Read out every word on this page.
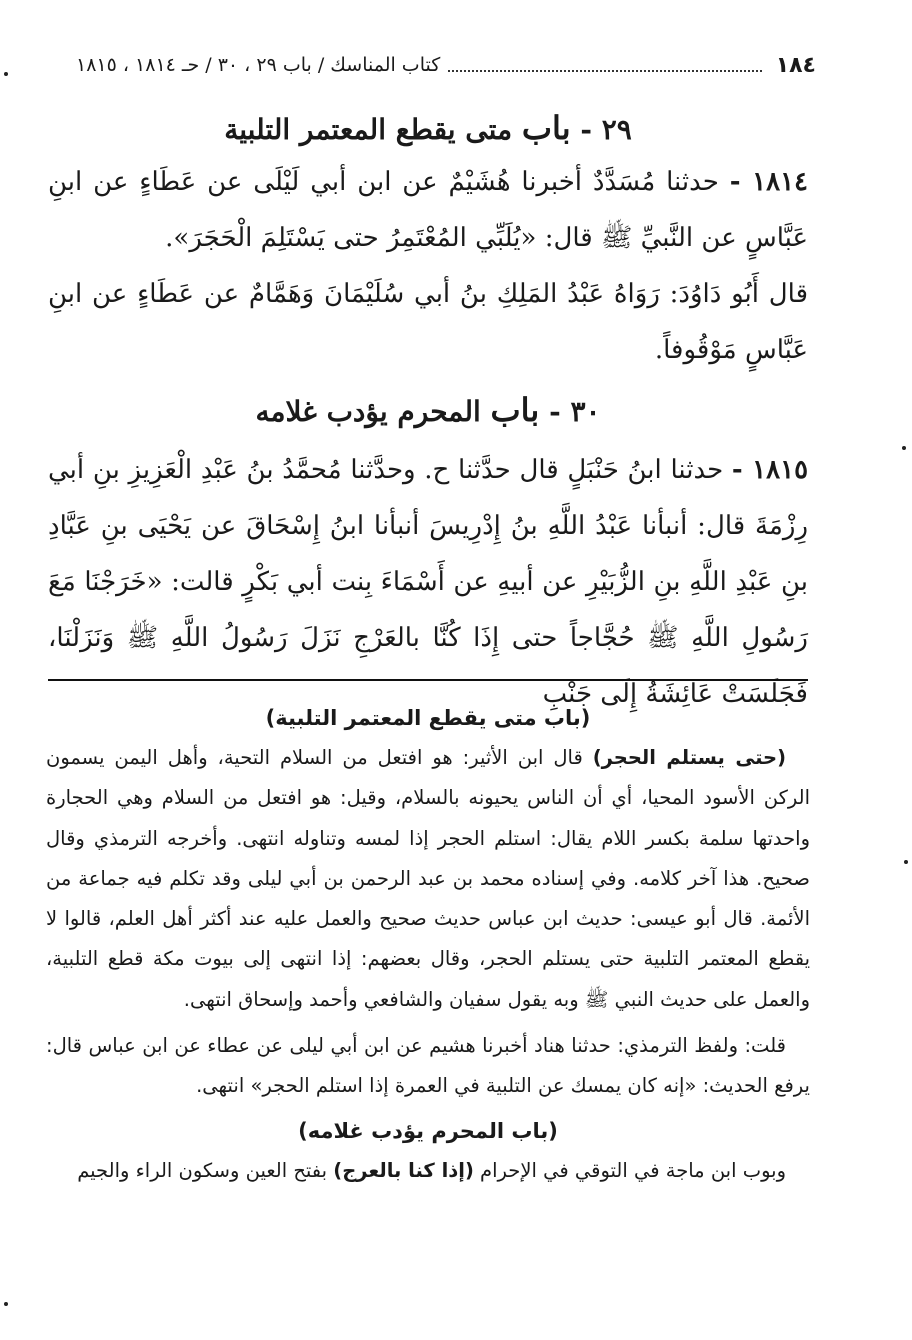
١٨٤
كتاب المناسك / باب ٢٩ ، ٣٠ / حـ ١٨١٤ ، ١٨١٥
٢٩ - باب متى يقطع المعتمر التلبية

١٨١٤ - حدثنا مُسَدَّدٌ أخبرنا هُشَيْمٌ عن ابن أبي لَيْلَى عن عَطَاءٍ عن ابنِ عَبَّاسٍ عن النَّبيِّ ﷺ قال: «يُلَبِّي المُعْتَمِرُ حتى يَسْتَلِمَ الْحَجَرَ».

قال أَبُو دَاوُدَ: رَوَاهُ عَبْدُ المَلِكِ بنُ أبي سُلَيْمَانَ وَهَمَّامٌ عن عَطَاءٍ عن ابنِ عَبَّاسٍ مَوْقُوفاً.

٣٠ - باب المحرم يؤدب غلامه

١٨١٥ - حدثنا ابنُ حَنْبَلٍ قال حدَّثنا ح. وحدَّثنا مُحمَّدُ بنُ عَبْدِ الْعَزِيزِ بنِ أبي رِزْمَةَ قال: أنبأنا عَبْدُ اللَّهِ بنُ إِدْرِيسَ أنبأنا ابنُ إِسْحَاقَ عن يَحْيَى بنِ عَبَّادِ بنِ عَبْدِ اللَّهِ بنِ الزُّبَيْرِ عن أبيهِ عن أَسْمَاءَ بِنت أبي بَكْرٍ قالت: «خَرَجْنَا مَعَ رَسُولِ اللَّهِ ﷺ حُجَّاجاً حتى إِذَا كُنَّا بالعَرْجِ نَزَلَ رَسُولُ اللَّهِ ﷺ وَنَزَلْنَا، فَجَلَسَتْ عَائِشَةُ إِلَى جَنْبِ

(باب متى يقطع المعتمر التلبية)

(حتى يستلم الحجر) قال ابن الأثير: هو افتعل من السلام التحية، وأهل اليمن يسمون الركن الأسود المحيا، أي أن الناس يحيونه بالسلام، وقيل: هو افتعل من السلام وهي الحجارة واحدتها سلمة بكسر اللام يقال: استلم الحجر إذا لمسه وتناوله انتهى. وأخرجه الترمذي وقال صحيح. هذا آخر كلامه. وفي إسناده محمد بن عبد الرحمن بن أبي ليلى وقد تكلم فيه جماعة من الأئمة. قال أبو عيسى: حديث ابن عباس حديث صحيح والعمل عليه عند أكثر أهل العلم، قالوا لا يقطع المعتمر التلبية حتى يستلم الحجر، وقال بعضهم: إذا انتهى إلى بيوت مكة قطع التلبية، والعمل على حديث النبي ﷺ وبه يقول سفيان والشافعي وأحمد وإسحاق انتهى.

قلت: ولفظ الترمذي: حدثنا هناد أخبرنا هشيم عن ابن أبي ليلى عن عطاء عن ابن عباس قال: يرفع الحديث: «إنه كان يمسك عن التلبية في العمرة إذا استلم الحجر» انتهى.

(باب المحرم يؤدب غلامه)

وبوب ابن ماجة في التوقي في الإحرام (إذا كنا بالعرج) بفتح العين وسكون الراء والجيم
